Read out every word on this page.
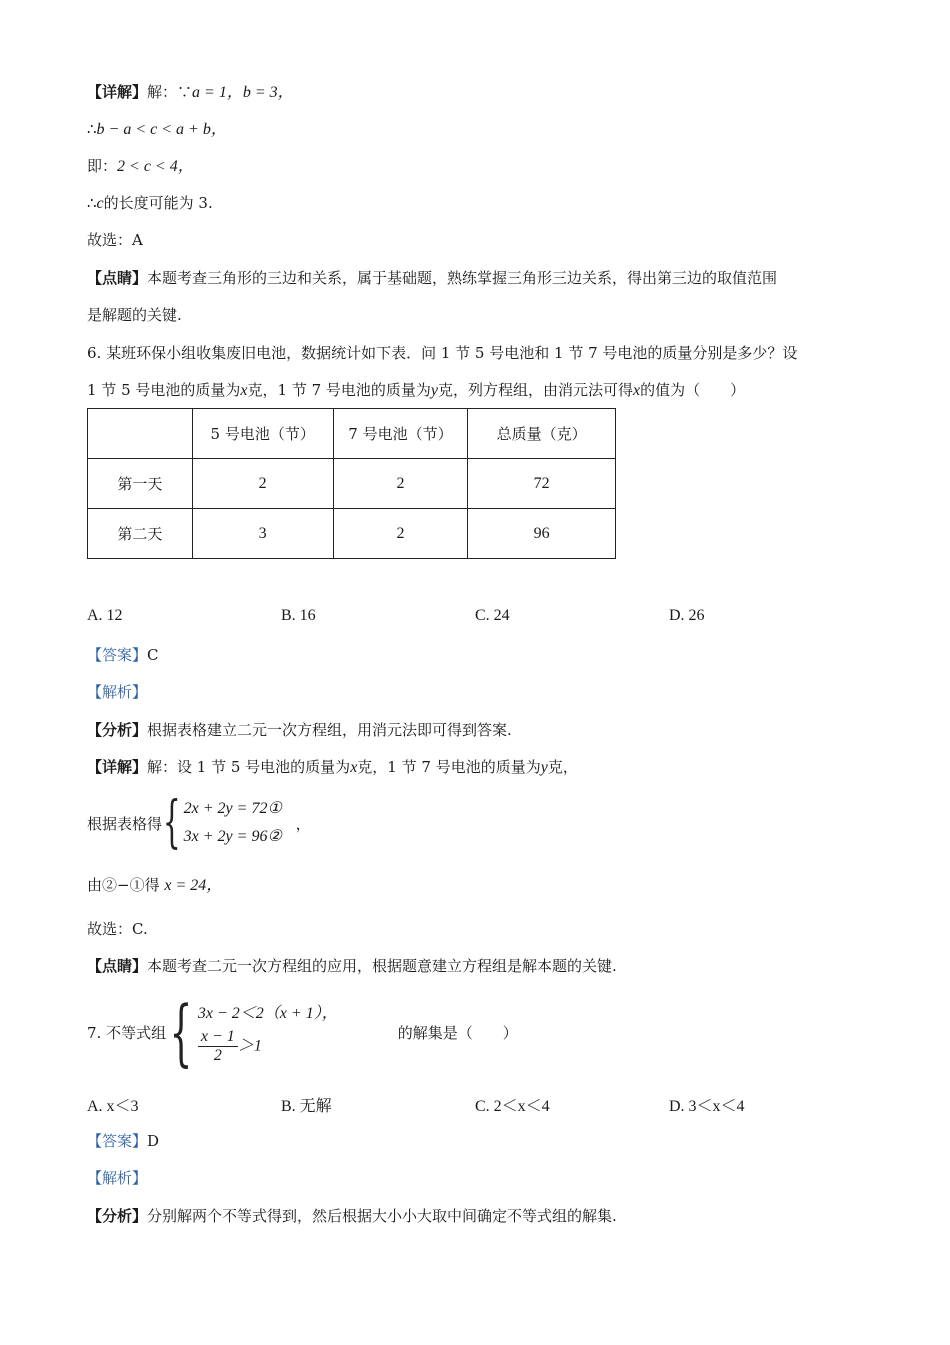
【详解】解：∵a = 1，b = 3，
∴b − a < c < a + b，
即：2 < c < 4，
∴c的长度可能为 3.
故选：A
【点睛】本题考查三角形的三边和关系，属于基础题，熟练掌握三角形三边关系，得出第三边的取值范围
是解题的关键.
6. 某班环保小组收集废旧电池，数据统计如下表．问 1 节 5 号电池和 1 节 7 号电池的质量分别是多少？设
1 节 5 号电池的质量为x克，1 节 7 号电池的质量为y克，列方程组，由消元法可得x的值为（　　）
	5 号电池（节）	7 号电池（节）	总质量（克）
第一天	2	2	72
第二天	3	2	96
A. 12	B. 16	C. 24	D. 26
【答案】C
【解析】
【分析】根据表格建立二元一次方程组，用消元法即可得到答案.
【详解】解：设 1 节 5 号电池的质量为x克，1 节 7 号电池的质量为y克，
根据表格得 { 2x + 2y = 72①
3x + 2y = 96②
，
由②−①得 x = 24，
故选：C.
【点睛】本题考查二元一次方程组的应用，根据题意建立方程组是解本题的关键.
7. 不等式组 { 3x − 2＜2（x + 1），
$\frac{x - 1}{2} >1$
的解集是（　　）
A. x＜3	B. 无解	C. 2＜x＜4	D. 3＜x＜4
【答案】D
【解析】
【分析】分别解两个不等式得到，然后根据大小小大取中间确定不等式组的解集.
